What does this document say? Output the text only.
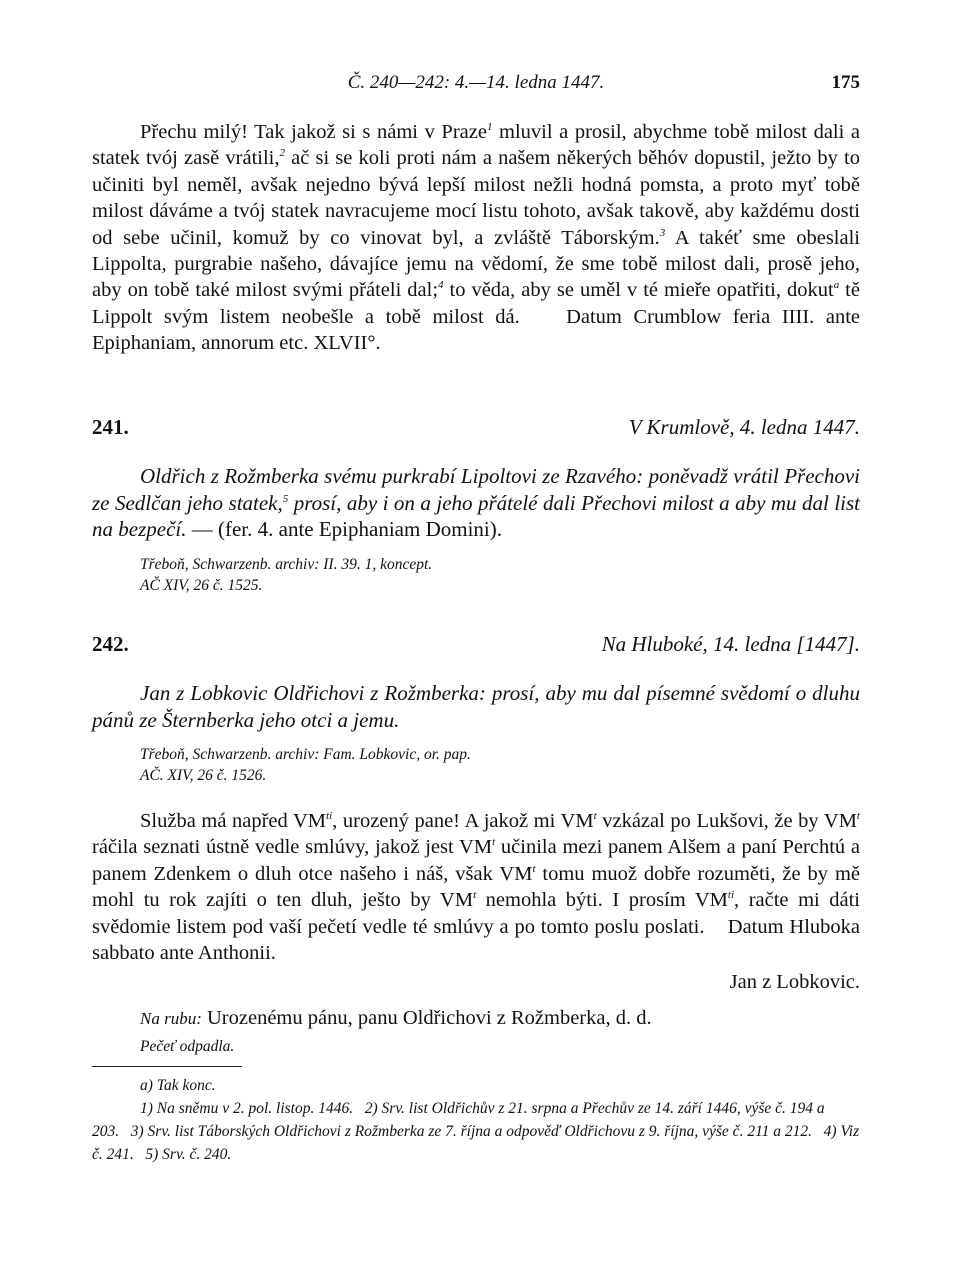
Č. 240—242: 4.—14. ledna 1447.	175

Přechu milý! Tak jakož si s námi v Praze$^1$ mluvil a prosil, abychme tobě milost dali a statek tvój zasě vrátili,$^2$ ač si se koli proti nám a našem někerých běhóv dopustil, ježto by to učiniti byl neměl, avšak nejedno bývá lepší milost nežli hodná pomsta, a proto myť tobě milost dáváme a tvój statek navracujeme mocí listu tohoto, avšak takově, aby každému dosti od sebe učinil, komuž by co vinovat byl, a zvláště Táborským.$^3$ A takéť sme obeslali Lippolta, purgrabie našeho, dávajíce jemu na vědomí, že sme tobě milost dali, prosě jeho, aby on tobě také milost svými přáteli dal;$^4$ to věda, aby se uměl v té mieře opatřiti, dokut$^a$ tě Lippolt svým listem neobešle a tobě milost dá. Datum Crumblow feria IIII. ante Epiphaniam, annorum etc. XLVII°.

241.	V Krumlově, 4. ledna 1447.

Oldřich z Rožmberka svému purkrabí Lipoltovi ze Rzavého: poněvadž vrátil Přechovi ze Sedlčan jeho statek,$^5$ prosí, aby i on a jeho přátelé dali Přechovi milost a aby mu dal list na bezpečí. — (fer. 4. ante Epiphaniam Domini).

Třeboň, Schwarzenb. archiv: II. 39. 1, koncept.

AČ XIV, 26 č. 1525.

242.	Na Hluboké, 14. ledna [1447].

Jan z Lobkovic Oldřichovi z Rožmberka: prosí, aby mu dal písemné svědomí o dluhu pánů ze Šternberka jeho otci a jemu.

Třeboň, Schwarzenb. archiv: Fam. Lobkovic, or. pap.

AČ. XIV, 26 č. 1526.

Služba má napřed $VM^{ti}$, urozený pane! A jakož mi $VM^t$ vzkázal po Lukšovi, že by $VM^t$ ráčila seznati ústně vedle smlúvy, jakož jest $VM^t$ učinila mezi panem Alšem a paní Perchtú a panem Zdenkem o dluh otce našeho i náš, však $VM^t$ tomu muož dobře rozuměti, že by mě mohl tu rok zajíti o ten dluh, ješto by $VM^t$ nemohla býti. I prosím $VM^{ti}$, račte mi dáti svědomie listem pod vaší pečetí vedle té smlúvy a po tomto poslu poslati. Datum Hluboka sabbato ante Anthonii.

Jan z Lobkovic.

Na rubu: Urozenému pánu, panu Oldřichovi z Rožmberka, d. d.

Pečeť odpadla.

a) Tak konc.

1) Na sněmu v 2. pol. listop. 1446. 2) Srv. list Oldřichův z 21. srpna a Přechův ze 14. září 1446, výše č. 194 a 203. 3) Srv. list Táborských Oldřichovi z Rožmberka ze 7. října a odpověď Oldřichovu z 9. října, výše č. 211 a 212. 4) Viz č. 241. 5) Srv. č. 240.
